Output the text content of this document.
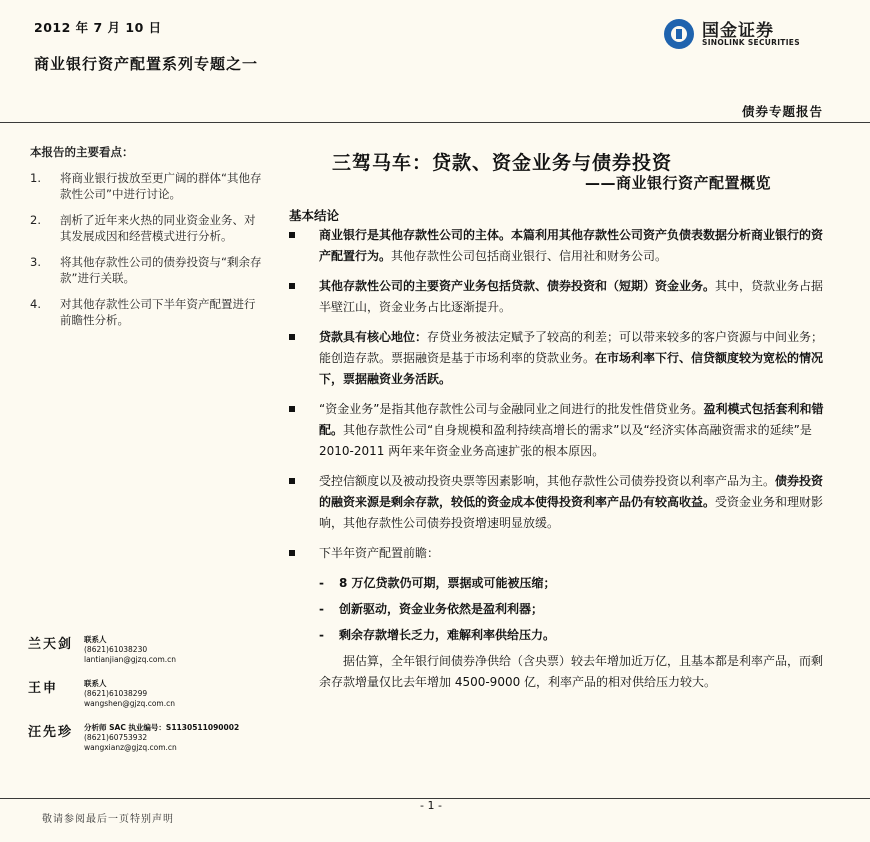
2012 年 7 月 10 日
商业银行资产配置系列专题之一
国金证券
SINOLINK SECURITIES
债券专题报告
本报告的主要看点：
1.	将商业银行拔放至更广阔的群体“其他存款性公司”中进行讨论。
2.	剖析了近年来火热的同业资金业务、对其发展成因和经营模式进行分析。
3.	将其他存款性公司的债券投资与“剩余存款”进行关联。
4.	对其他存款性公司下半年资产配置进行前瞻性分析。
兰天剑 联系人
(8621)61038230
lantianjian@gjzq.com.cn
王申	联系人
(8621)61038299
wangshen@gjzq.com.cn
汪先珍 分析师 SAC 执业编号：S1130511090002
(8621)60753932
wangxianz@gjzq.com.cn
三驾马车：贷款、资金业务与债券投资
——商业银行资产配置概览
基本结论
商业银行是其他存款性公司的主体。本篇利用其他存款性公司资产负债表数据分析商业银行的资产配置行为。其他存款性公司包括商业银行、信用社和财务公司。
其他存款性公司的主要资产业务包括贷款、债券投资和（短期）资金业务。其中，贷款业务占据半壁江山，资金业务占比逐渐提升。
贷款具有核心地位：存贷业务被法定赋予了较高的利差；可以带来较多的客户资源与中间业务；能创造存款。票据融资是基于市场利率的贷款业务。在市场利率下行、信贷额度较为宽松的情况下，票据融资业务活跃。
“资金业务”是指其他存款性公司与金融同业之间进行的批发性借贷业务。盈利模式包括套利和错配。其他存款性公司“自身规模和盈利持续高增长的需求”以及“经济实体高融资需求的延续”是 2010-2011 两年来年资金业务高速扩张的根本原因。
受控信额度以及被动投资央票等因素影响，其他存款性公司债券投资以利率产品为主。债券投资的融资来源是剩余存款，较低的资金成本使得投资利率产品仍有较高收益。受资金业务和理财影响，其他存款性公司债券投资增速明显放缓。
下半年资产配置前瞻：
- 8 万亿贷款仍可期，票据或可能被压缩；
- 创新驱动，资金业务依然是盈利利器；
- 剩余存款增长乏力，难解利率供给压力。
据估算，全年银行间债券净供给（含央票）较去年增加近万亿，且基本都是利率产品，而剩余存款增量仅比去年增加 4500-9000 亿，利率产品的相对供给压力较大。
- 1 -
敬请参阅最后一页特别声明
